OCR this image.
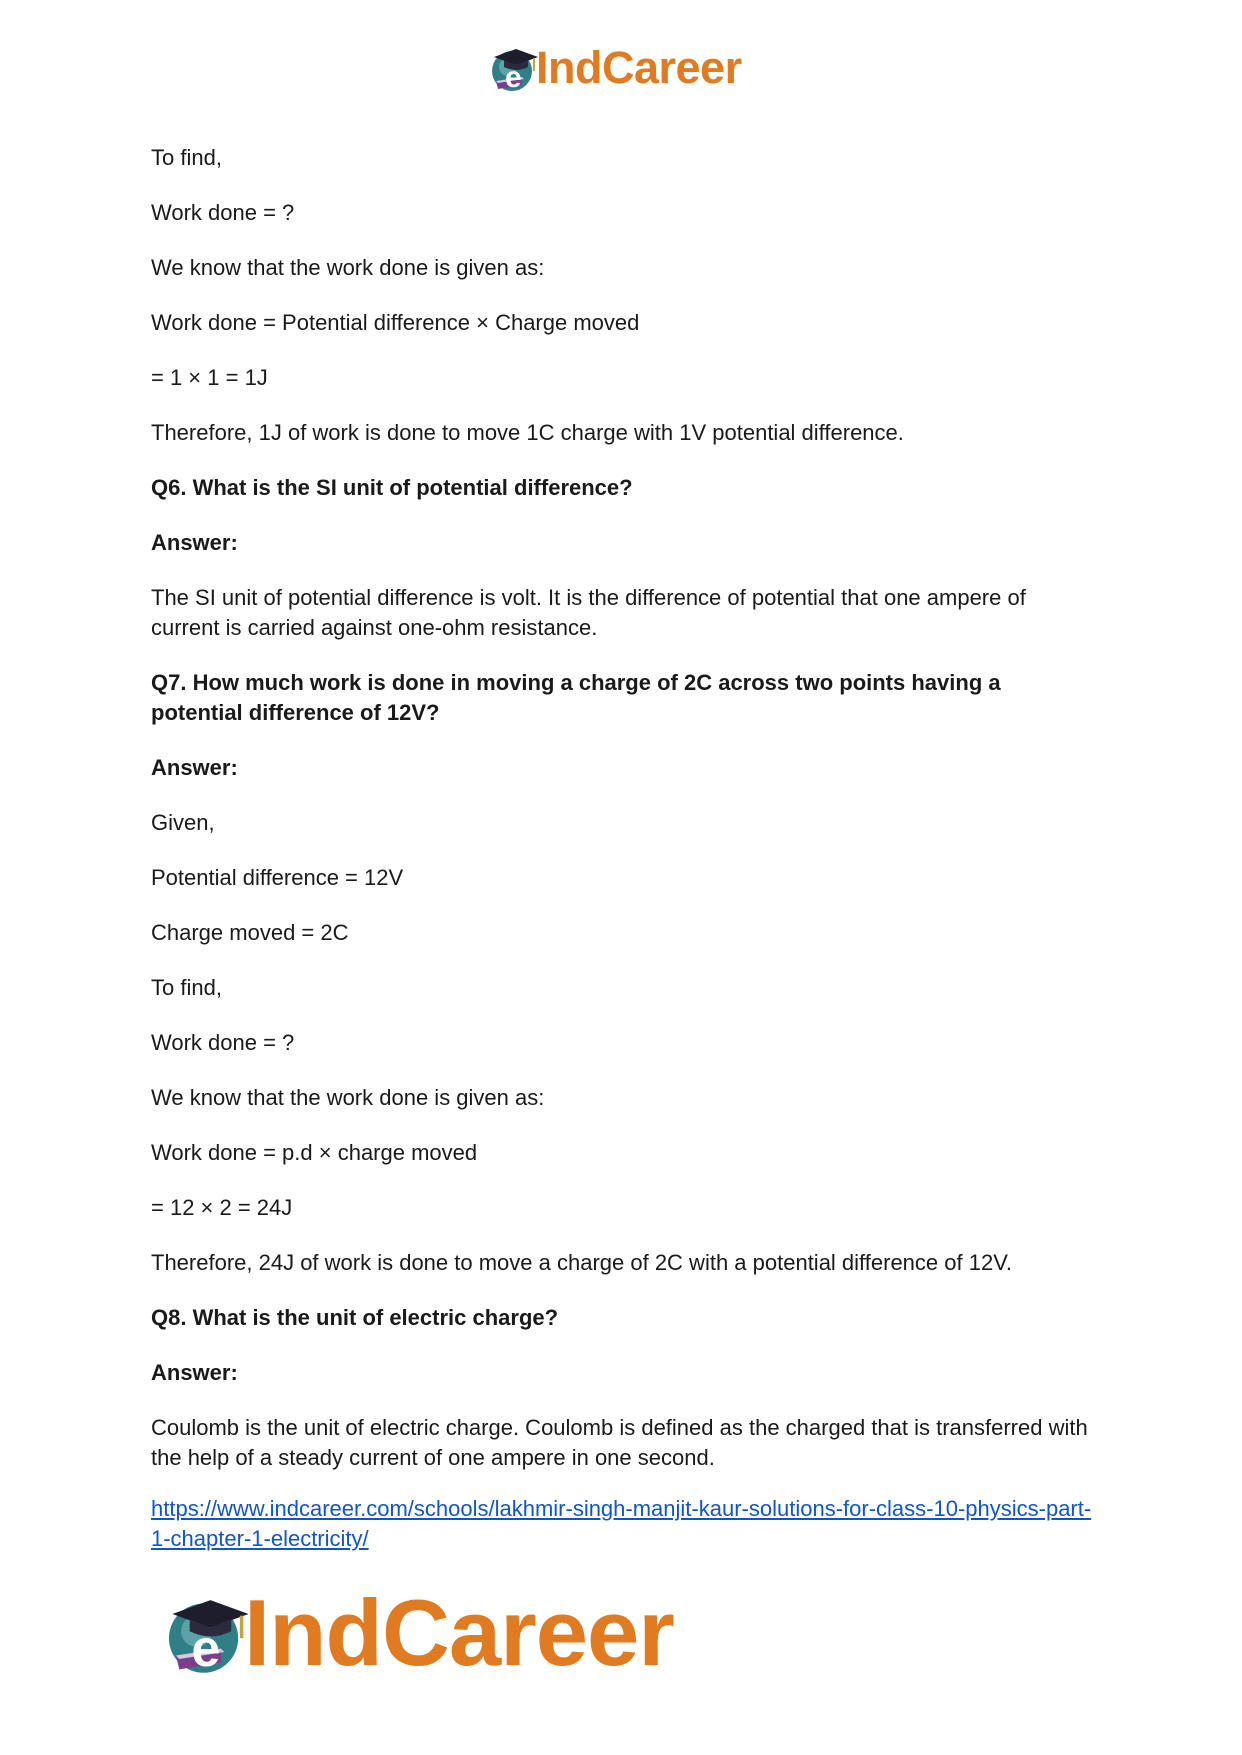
e IndCareer

To find,

Work done = ?

We know that the work done is given as:

Work done = Potential difference × Charge moved

= 1 × 1 = 1J

Therefore, 1J of work is done to move 1C charge with 1V potential difference.

Q6. What is the SI unit of potential difference?

Answer:

The SI unit of potential difference is volt. It is the difference of potential that one ampere of current is carried against one-ohm resistance.

Q7. How much work is done in moving a charge of 2C across two points having a potential difference of 12V?

Answer:

Given,

Potential difference = 12V

Charge moved = 2C

To find,

Work done = ?

We know that the work done is given as:

Work done = p.d × charge moved

= 12 × 2 = 24J

Therefore, 24J of work is done to move a charge of 2C with a potential difference of 12V.

Q8. What is the unit of electric charge?

Answer:

Coulomb is the unit of electric charge. Coulomb is defined as the charged that is transferred with the help of a steady current of one ampere in one second.

https://www.indcareer.com/schools/lakhmir-singh-manjit-kaur-solutions-for-class-10-physics-part-1-chapter-1-electricity/

e IndCareer
